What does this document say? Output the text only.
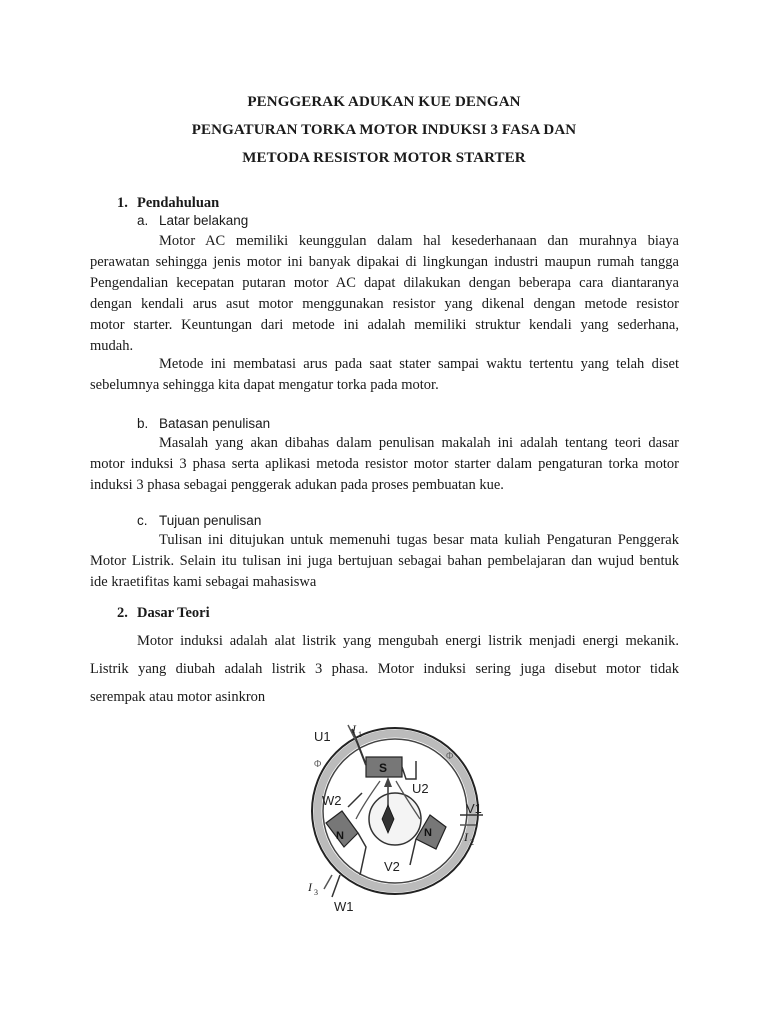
PENGGERAK ADUKAN KUE DENGAN
PENGATURAN TORKA MOTOR INDUKSI 3 FASA DAN
METODA RESISTOR MOTOR STARTER
1. Pendahuluan
a. Latar belakang
Motor AC memiliki keunggulan dalam hal kesederhanaan dan murahnya biaya
perawatan sehingga jenis motor ini banyak dipakai di lingkungan industri maupun rumah tangga
Pengendalian kecepatan putaran motor AC dapat dilakukan dengan beberapa cara diantaranya
dengan kendali arus asut motor menggunakan resistor yang dikenal dengan metode resistor
motor starter. Keuntungan dari metode ini adalah memiliki struktur kendali yang sederhana,
mudah.
Metode ini membatasi arus pada saat stater sampai waktu tertentu yang telah diset
sebelumnya sehingga kita dapat mengatur torka pada motor.
b. Batasan penulisan
Masalah yang akan dibahas dalam penulisan makalah ini adalah tentang teori dasar
motor induksi 3 phasa serta aplikasi metoda resistor motor starter dalam pengaturan torka motor
induksi 3 phasa sebagai penggerak adukan pada proses pembuatan kue.
c. Tujuan penulisan
Tulisan ini ditujukan untuk memenuhi tugas besar mata kuliah Pengaturan Penggerak
Motor Listrik. Selain itu tulisan ini juga bertujuan sebagai bahan pembelajaran dan wujud bentuk
ide kraetifitas kami sebagai mahasiswa
2. Dasar Teori
Motor induksi adalah alat listrik yang mengubah energi listrik menjadi energi mekanik.
Listrik yang diubah adalah listrik 3 phasa. Motor induksi sering juga disebut motor tidak
serempak atau motor asinkron
U1 I 1
S
U2
V1
I 2
W2
N	N
V2
I 3
W1
Φ
Φ
